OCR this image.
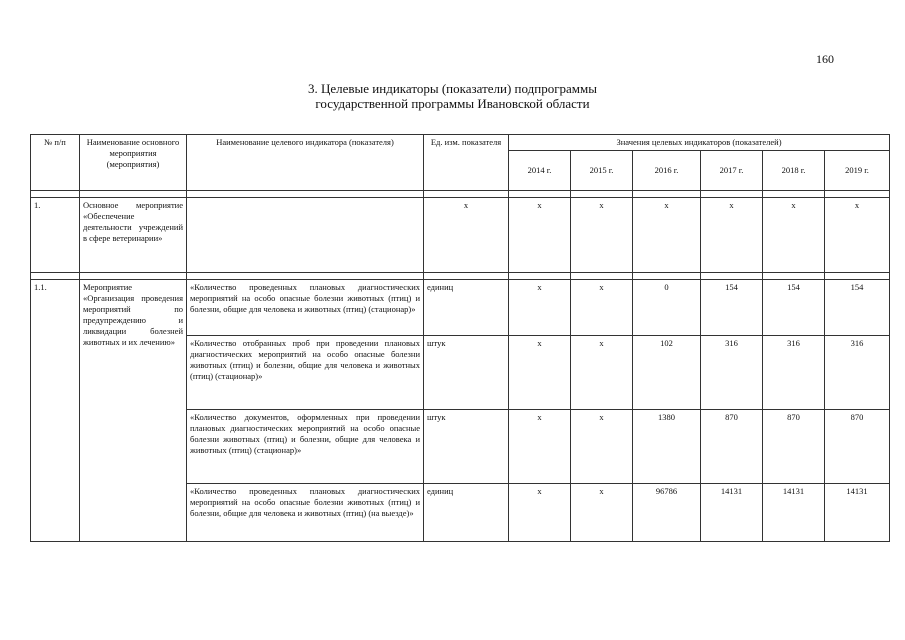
160
3. Целевые индикаторы (показатели) подпрограммы
государственной программы Ивановской области
№ п/п	Наименование основного мероприятия (мероприятия)	Наименование целевого индикатора (показателя)	Ед. изм. показателя	Значения целевых индикаторов (показателей)					
				2014 г.	2015 г.	2016 г.	2017 г.	2018 г.	2019 г.

1.	Основное мероприятие «Обеспечение деятельности учреждений в сфере ветеринарии»		х	х	х	х	х	х	х

1.1.	Мероприятие «Организация проведения мероприятий по предупреждению и ликвидации болезней животных и их лечению»	«Количество проведенных плановых диагностических мероприятий на особо опасные болезни животных (птиц) и болезни, общие для человека и животных (птиц) (стационар)»	единиц	х	х	0	154	154	154
		«Количество отобранных проб при проведении плановых диагностических мероприятий на особо опасные болезни животных (птиц) и болезни, общие для человека и животных (птиц) (стационар)»	штук	х	х	102	316	316	316
		«Количество документов, оформленных при проведении плановых диагностических мероприятий на особо опасные болезни животных (птиц) и болезни, общие для человека и животных (птиц) (стационар)»	штук	х	х	1380	870	870	870
		«Количество проведенных плановых диагностических мероприятий на особо опасные болезни животных (птиц) и болезни, общие для человека и животных (птиц) (на выезде)»	единиц	х	х	96786	14131	14131	14131
